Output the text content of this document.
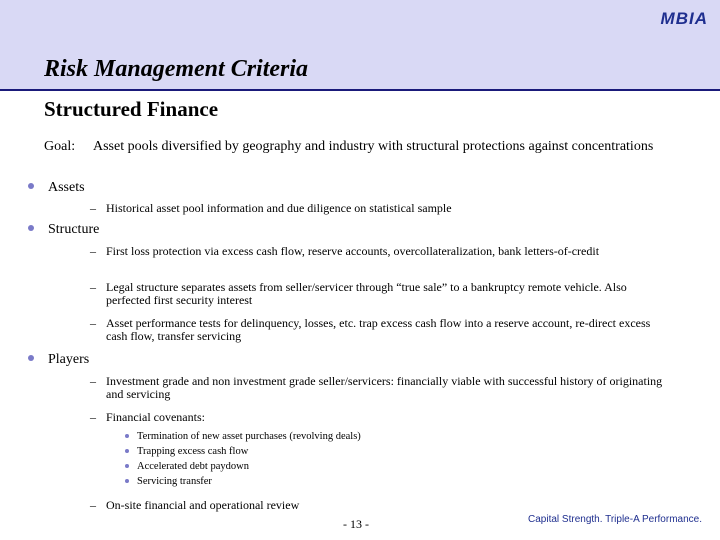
MBIA
Risk Management Criteria
Structured Finance
Goal: Asset pools diversified by geography and industry with structural protections against concentrations
Assets
– Historical asset pool information and due diligence on statistical sample
Structure
– First loss protection via excess cash flow, reserve accounts, overcollateralization, bank letters-of-credit
– Legal structure separates assets from seller/servicer through “true sale” to a bankruptcy remote vehicle. Also perfected first security interest
– Asset performance tests for delinquency, losses, etc. trap excess cash flow into a reserve account, re-direct excess cash flow, transfer servicing
Players
– Investment grade and non investment grade seller/servicers: financially viable with successful history of originating and servicing
– Financial covenants:
Termination of new asset purchases (revolving deals)
Trapping excess cash flow
Accelerated debt paydown
Servicing transfer
– On-site financial and operational review
- 13 -	Capital Strength. Triple-A Performance.
